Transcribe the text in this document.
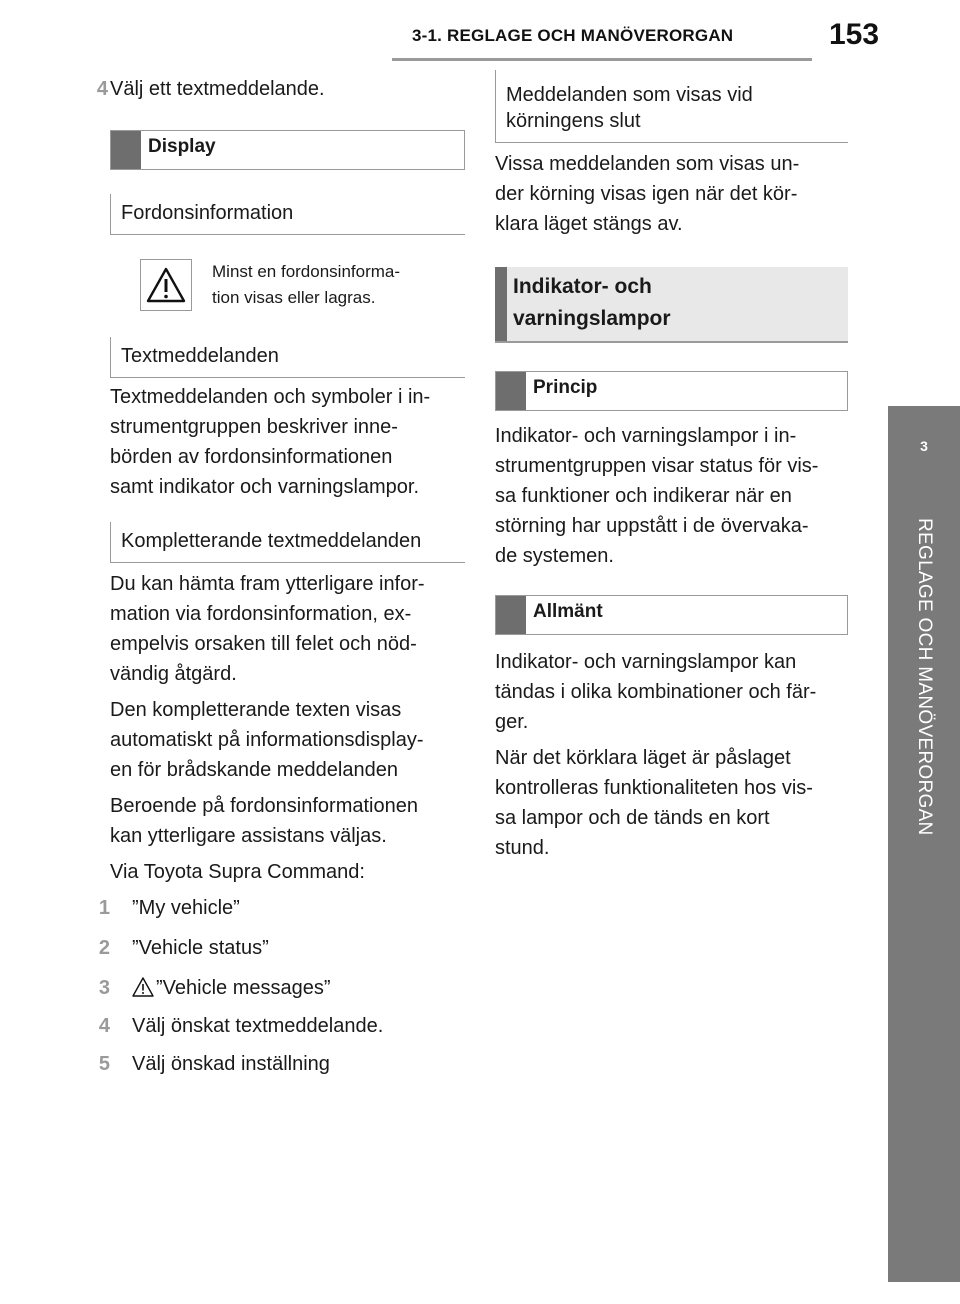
3-1. REGLAGE OCH MANÖVERORGAN	153
3
REGLAGE OCH MANÖVERORGAN
4 Välj ett textmeddelande.
Display
Fordonsinformation
Minst en fordonsinforma-
tion visas eller lagras.
Textmeddelanden
Textmeddelanden och symboler i in-
strumentgruppen beskriver inne-
börden av fordonsinformationen
samt indikator och varningslampor.
Kompletterande textmeddelanden
Du kan hämta fram ytterligare infor-
mation via fordonsinformation, ex-
empelvis orsaken till felet och nöd-
vändig åtgärd.
Den kompletterande texten visas
automatiskt på informationsdisplay-
en för brådskande meddelanden
Beroende på fordonsinformationen
kan ytterligare assistans väljas.
Via Toyota Supra Command:
1	”My vehicle”
2	”Vehicle status”
3	”Vehicle messages”
4	Välj önskat textmeddelande.
5	Välj önskad inställning
Meddelanden som visas vid
körningens slut
Vissa meddelanden som visas un-
der körning visas igen när det kör-
klara läget stängs av.
Indikator- och
varningslampor
Princip
Indikator- och varningslampor i in-
strumentgruppen visar status för vis-
sa funktioner och indikerar när en
störning har uppstått i de övervaka-
de systemen.
Allmänt
Indikator- och varningslampor kan
tändas i olika kombinationer och fär-
ger.
När det körklara läget är påslaget
kontrolleras funktionaliteten hos vis-
sa lampor och de tänds en kort
stund.
